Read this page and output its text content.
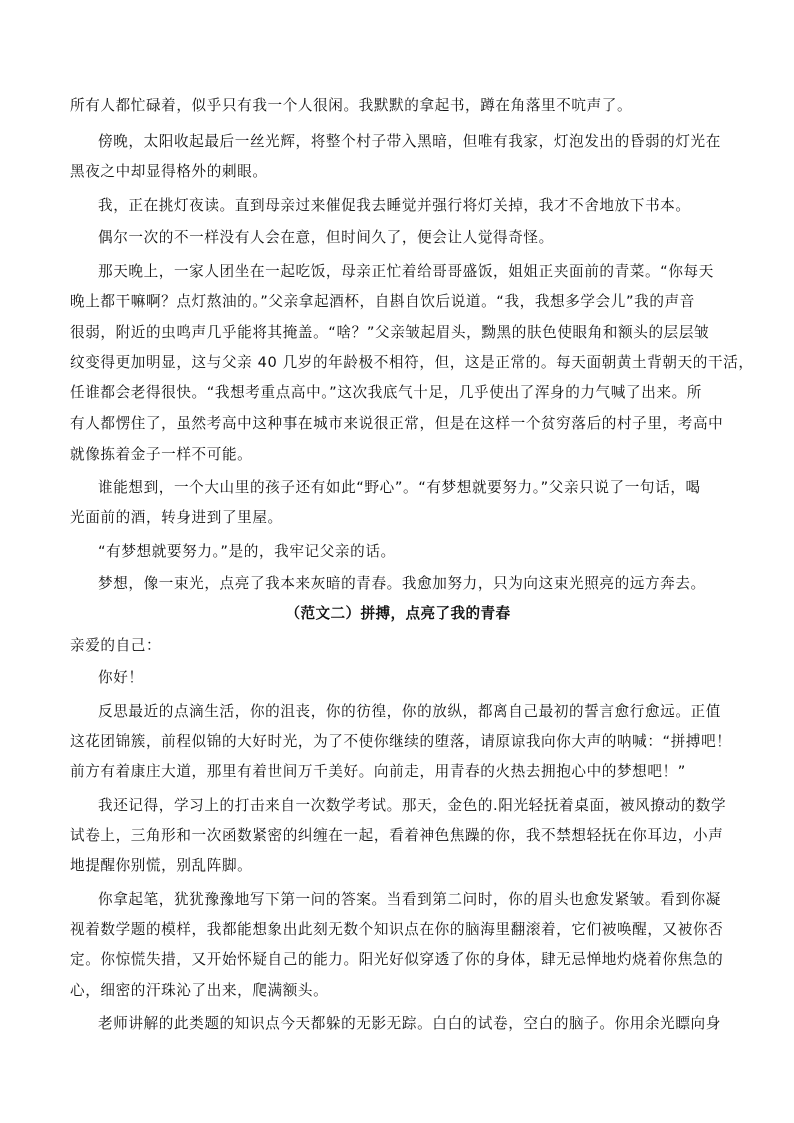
所有人都忙碌着，似乎只有我一个人很闲。我默默的拿起书，蹲在角落里不吭声了。
傍晚，太阳收起最后一丝光辉，将整个村子带入黑暗，但唯有我家，灯泡发出的昏弱的灯光在
黑夜之中却显得格外的刺眼。
我，正在挑灯夜读。直到母亲过来催促我去睡觉并强行将灯关掉，我才不舍地放下书本。
偶尔一次的不一样没有人会在意，但时间久了，便会让人觉得奇怪。
那天晚上，一家人团坐在一起吃饭，母亲正忙着给哥哥盛饭，姐姐正夹面前的青菜。“你每天
晚上都干嘛啊？点灯熬油的。”父亲拿起酒杯，自斟自饮后说道。“我，我想多学会儿”我的声音
很弱，附近的虫鸣声几乎能将其掩盖。“啥？”父亲皱起眉头，黝黑的肤色使眼角和额头的层层皱
纹变得更加明显，这与父亲 40 几岁的年龄极不相符，但，这是正常的。每天面朝黄土背朝天的干活，
任谁都会老得很快。“我想考重点高中。”这次我底气十足，几乎使出了浑身的力气喊了出来。所
有人都愣住了，虽然考高中这种事在城市来说很正常，但是在这样一个贫穷落后的村子里，考高中
就像拣着金子一样不可能。
谁能想到，一个大山里的孩子还有如此“野心”。“有梦想就要努力。”父亲只说了一句话，喝
光面前的酒，转身进到了里屋。
“有梦想就要努力。”是的，我牢记父亲的话。
梦想，像一束光，点亮了我本来灰暗的青春。我愈加努力，只为向这束光照亮的远方奔去。
（范文二）拼搏，点亮了我的青春
亲爱的自己：
你好！
反思最近的点滴生活，你的沮丧，你的彷徨，你的放纵，都离自己最初的誓言愈行愈远。正值
这花团锦簇，前程似锦的大好时光，为了不使你继续的堕落，请原谅我向你大声的呐喊：“拼搏吧！
前方有着康庄大道，那里有着世间万千美好。向前走，用青春的火热去拥抱心中的梦想吧！”
我还记得，学习上的打击来自一次数学考试。那天，金色的.阳光轻抚着桌面，被风撩动的数学
试卷上，三角形和一次函数紧密的纠缠在一起，看着神色焦躁的你，我不禁想轻抚在你耳边，小声
地提醒你别慌，别乱阵脚。
你拿起笔，犹犹豫豫地写下第一问的答案。当看到第二问时，你的眉头也愈发紧皱。看到你凝
视着数学题的模样，我都能想象出此刻无数个知识点在你的脑海里翻滚着，它们被唤醒，又被你否
定。你惊慌失措，又开始怀疑自己的能力。阳光好似穿透了你的身体，肆无忌惮地灼烧着你焦急的
心，细密的汗珠沁了出来，爬满额头。
老师讲解的此类题的知识点今天都躲的无影无踪。白白的试卷，空白的脑子。你用余光瞟向身
